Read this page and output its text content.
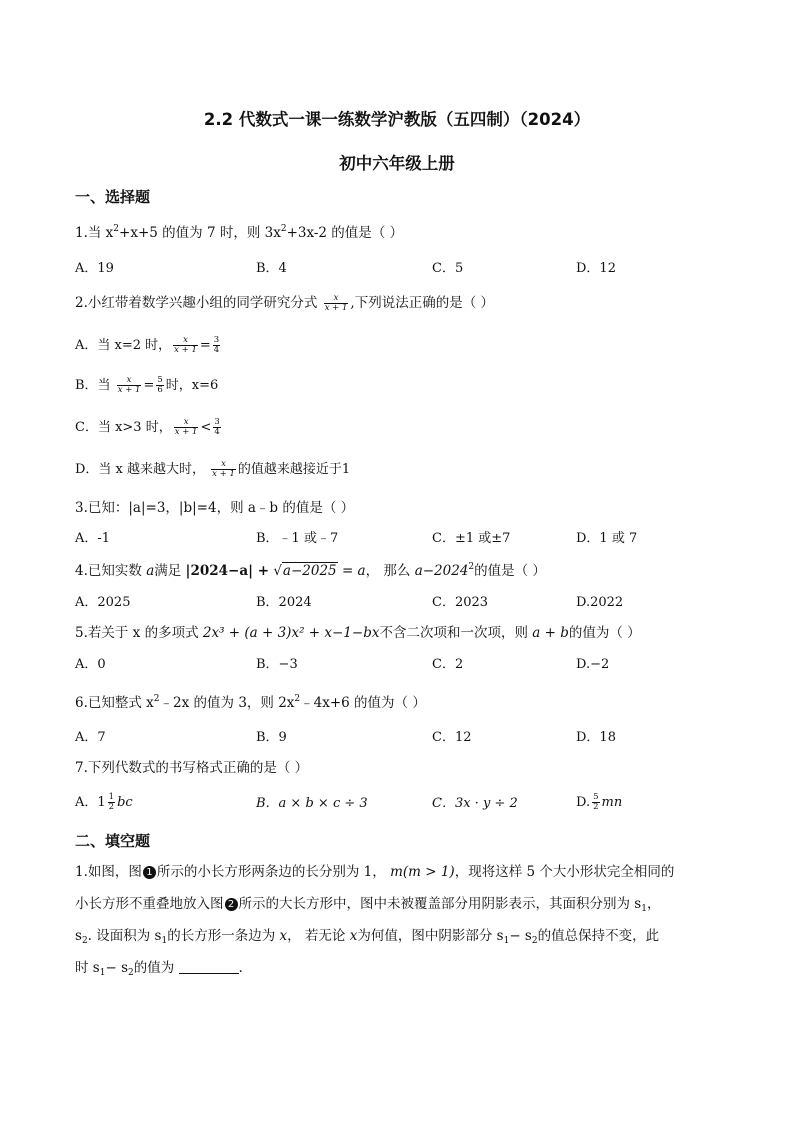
2.2 代数式一课一练数学沪教版（五四制）（2024）
初中六年级上册
一、选择题
1.当 $x^2+x+5$ 的值为 7 时，则 $3x^2+3x-2$ 的值是（ ）
A．19	B．4	C．5	D．12
2.小红带着数学兴趣小组的同学研究分式 $\frac{x}{x + 1}$ ,下列说法正确的是（ ）
A．当 x=2 时， $\frac{x}{x + 1} = \frac{3}{4}$
B．当 $\frac{x}{x + 1} = \frac{5}{6}$ 时，x=6
C．当 x>3 时， $\frac{x}{x + 1} < \frac{3}{4}$
D．当 x 越来越大时， $\frac{x}{x + 1}$ 的值越来越接近于1
3.已知：|a|=3，|b|=4，则 a﹣b 的值是（ ）
A．-1	B．﹣1 或﹣7	C．±1 或±7	D．1 或 7
4.已知实数 a满足 |2024−a| + √a−2025 = a， 那么 $a-2024^2$的值是（ ）
A．2025	B．2024	C．2023	D.2022
5.若关于 x 的多项式 2x³ + (a + 3)x² + x−1−bx不含二次项和一次项，则 a + b的值为（ ）
A．0	B．−3	C．2	D.−2
6.已知整式 $x^2﹣2x$ 的值为 3，则 $2x^2﹣4x+6$ 的值为（ ）
A．7	B．9	C．12	D．18
7.下列代数式的书写格式正确的是（ ）
A．$1 \frac{1}{2}$ bc	B．a × b × c ÷ 3	C．3x · y ÷ 2	D. $\frac{5}{2}$ mn
二、填空题
1.如图，图 1 所示的小长方形两条边的长分别为 1， m(m > 1)，现将这样 5 个大小形状完全相同的
小长方形不重叠地放入图 2 所示的大长方形中，图中未被覆盖部分用阴影表示，其面积分别为 $s_1$，
$s_2$. 设面积为 $s_1$的长方形一条边为 x， 若无论 x为何值，图中阴影部分 $s_1- s_2$的值总保持不变，此
时 $s_1- s_2$的值为	.
